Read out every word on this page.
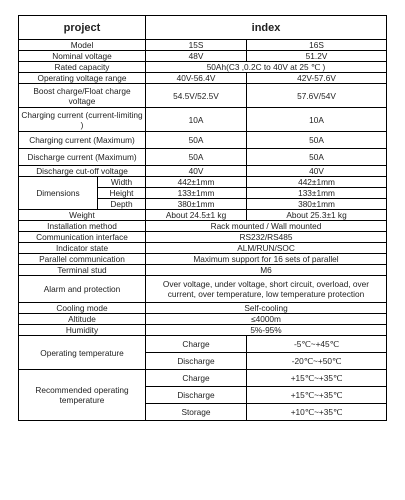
project		index	
Model		15S	16S
Nominal voltage		48V	51.2V
Rated capacity		50Ah(C3 ,0.2C to 40V at 25 ℃ )	
Operating voltage range		40V-56.4V	42V-57.6V
Boost charge/Float charge voltage		54.5V/52.5V	57.6V/54V
Charging current (current-limiting )		10A	10A
Charging current (Maximum)		50A	50A
Discharge current (Maximum)		50A	50A
Discharge cut-off voltage		40V	40V
Dimensions	Width	442±1mm	442±1mm
	Height	133±1mm	133±1mm
	Depth	380±1mm	380±1mm
Weight		About 24.5±1 kg	About 25.3±1 kg
Installation method		Rack mounted / Wall mounted	
Communication interface		RS232/RS485	
Indicator state		ALM/RUN/SOC	
Parallel communication		Maximum support for 16 sets of parallel	
Terminal stud		M6	
Alarm and protection		Over voltage, under voltage, short circuit, overload, over current, over temperature, low temperature protection	
Cooling mode		Self-cooling	
Altitude		≤4000m	
Humidity		5%-95%	
Operating temperature		Charge	-5℃~+45℃
		Discharge	-20℃~+50℃
Recommended operating temperature		Charge	+15℃~+35℃
		Discharge	+15℃~+35℃
		Storage	+10℃~+35℃
